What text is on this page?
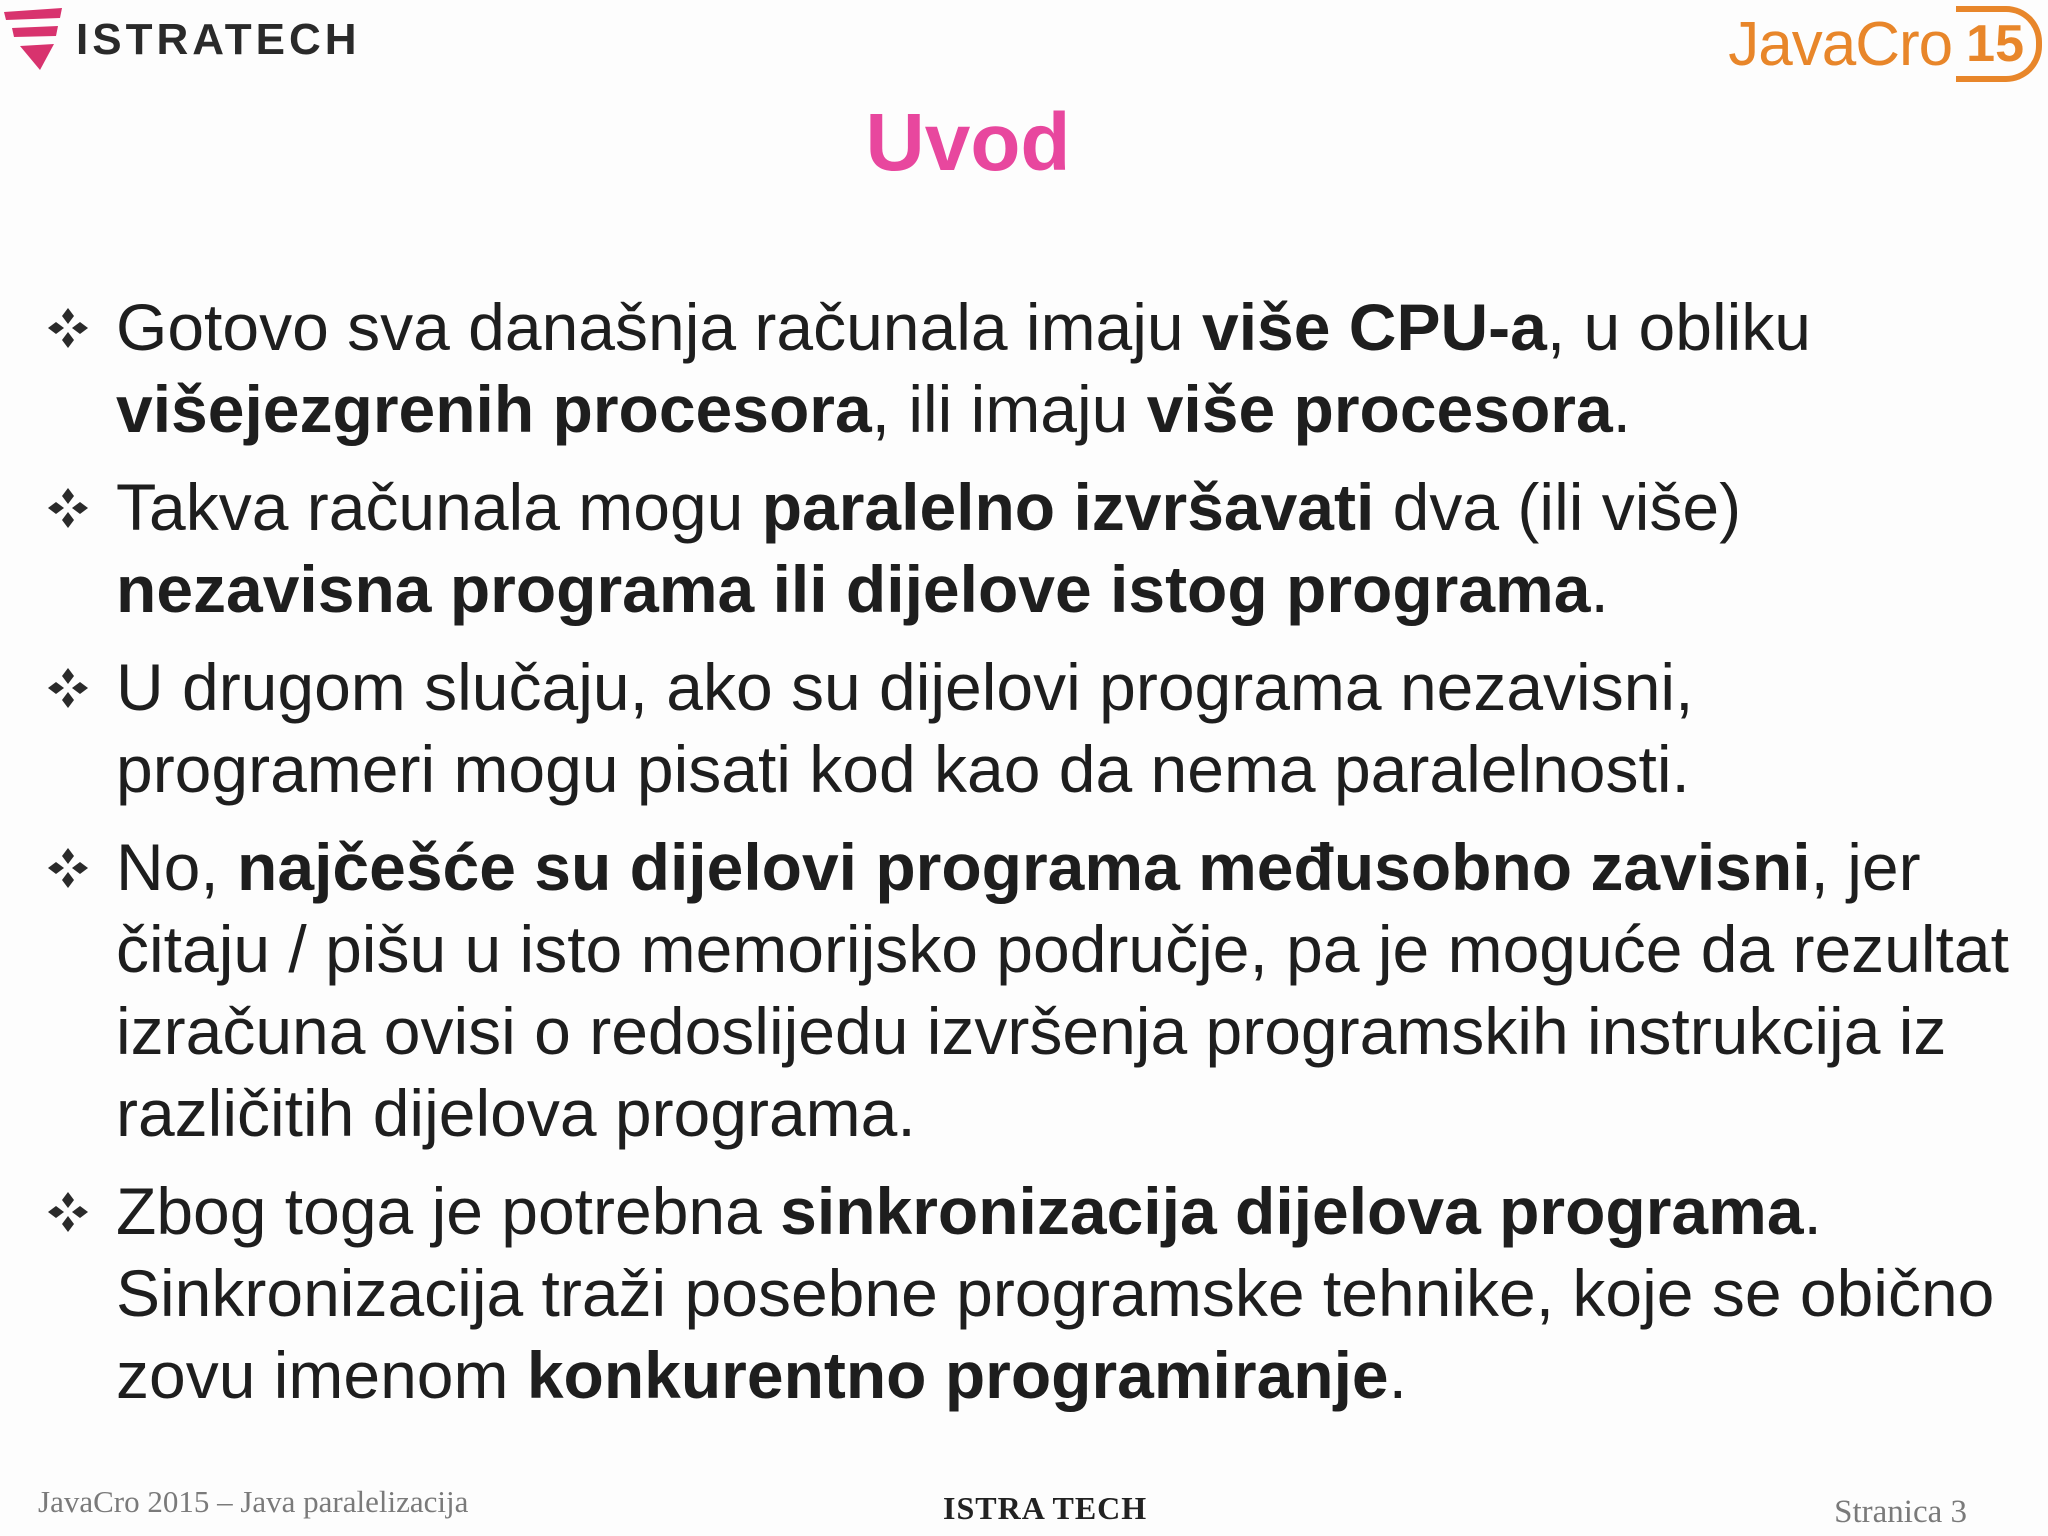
ISTRATECH	JavaCro 15
Uvod
Gotovo sva današnja računala imaju više CPU-a, u obliku višejezgrenih procesora, ili imaju više procesora.
Takva računala mogu paralelno izvršavati dva (ili više) nezavisna programa ili dijelove istog programa.
U drugom slučaju, ako su dijelovi programa nezavisni, programeri mogu pisati kod kao da nema paralelnosti.
No, najčešće su dijelovi programa međusobno zavisni, jer čitaju / pišu u isto memorijsko područje, pa je moguće da rezultat izračuna ovisi o redoslijedu izvršenja programskih instrukcija iz različitih dijelova programa.
Zbog toga je potrebna sinkronizacija dijelova programa. Sinkronizacija traži posebne programske tehnike, koje se obično zovu imenom konkurentno programiranje.
JavaCro 2015 – Java paralelizacija	ISTRA TECH	Stranica 3
